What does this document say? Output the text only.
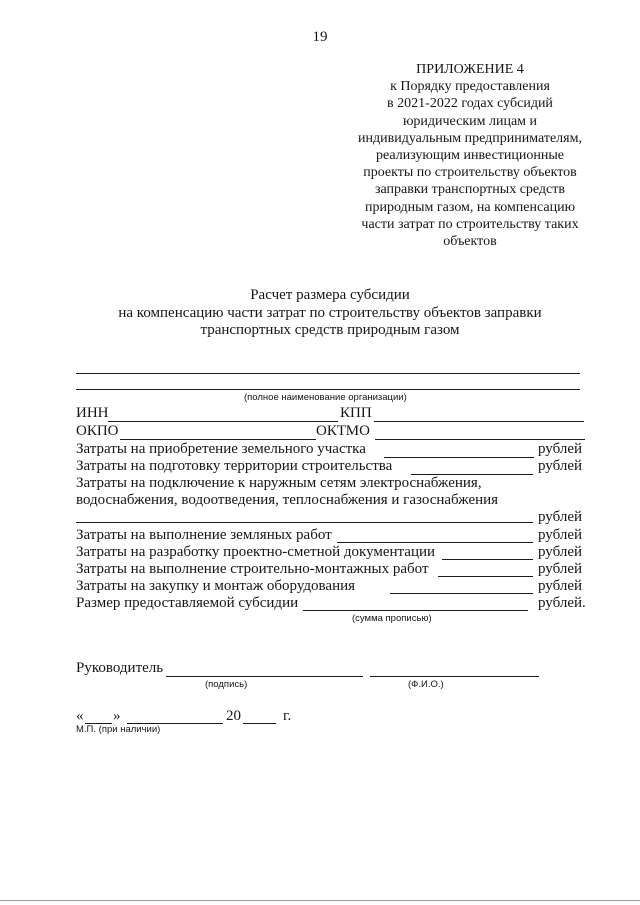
19
ПРИЛОЖЕНИЕ 4
к Порядку предоставления
в 2021-2022 годах субсидий
юридическим лицам и
индивидуальным предпринимателям,
реализующим инвестиционные
проекты по строительству объектов
заправки транспортных средств
природным газом, на компенсацию
части затрат по строительству таких
объектов
Расчет размера субсидии
на компенсацию части затрат по строительству объектов заправки
транспортных средств природным газом
(полное наименование организации)
ИНН	КПП
ОКПО	ОКТМО
Затраты на приобретение земельного участка	рублей
Затраты на подготовку территории строительства	рублей
Затраты на подключение к наружным сетям электроснабжения,
водоснабжения, водоотведения, теплоснабжения и газоснабжения
рублей
Затраты на выполнение земляных работ	рублей
Затраты на разработку проектно-сметной документации	рублей
Затраты на выполнение строительно-монтажных работ	рублей
Затраты на закупку и монтаж оборудования	рублей
Размер предоставляемой субсидии	рублей.
(сумма прописью)
Руководитель
(подпись)	(Ф.И.О.)
« »	20	г.
М.П. (при наличии)
